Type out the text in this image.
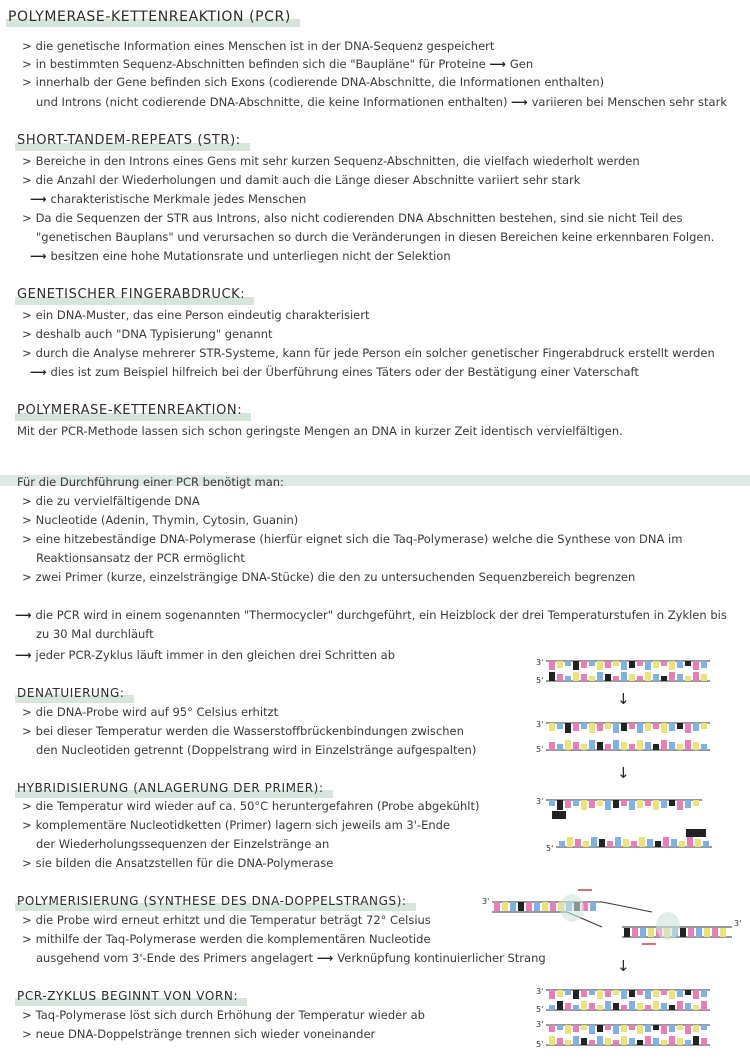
POLYMERASE-KETTENREAKTION (PCR)
> die genetische Information eines Menschen ist in der DNA-Sequenz gespeichert
> in bestimmten Sequenz-Abschnitten befinden sich die "Baupläne" für Proteine ⟶ Gen
> innerhalb der Gene befinden sich Exons (codierende DNA-Abschnitte, die Informationen enthalten)
und Introns (nicht codierende DNA-Abschnitte, die keine Informationen enthalten) ⟶ variieren bei Menschen sehr stark
SHORT-TANDEM-REPEATS (STR):
> Bereiche in den Introns eines Gens mit sehr kurzen Sequenz-Abschnitten, die vielfach wiederholt werden
> die Anzahl der Wiederholungen und damit auch die Länge dieser Abschnitte variiert sehr stark
⟶ charakteristische Merkmale jedes Menschen
> Da die Sequenzen der STR aus Introns, also nicht codierenden DNA Abschnitten bestehen, sind sie nicht Teil des
"genetischen Bauplans" und verursachen so durch die Veränderungen in diesen Bereichen keine erkennbaren Folgen.
⟶ besitzen eine hohe Mutationsrate und unterliegen nicht der Selektion
GENETISCHER FINGERABDRUCK:
> ein DNA-Muster, das eine Person eindeutig charakterisiert
> deshalb auch "DNA Typisierung" genannt
> durch die Analyse mehrerer STR-Systeme, kann für jede Person ein solcher genetischer Fingerabdruck erstellt werden
⟶ dies ist zum Beispiel hilfreich bei der Überführung eines Täters oder der Bestätigung einer Vaterschaft
POLYMERASE-KETTENREAKTION:
Mit der PCR-Methode lassen sich schon geringste Mengen an DNA in kurzer Zeit identisch vervielfältigen.
Für die Durchführung einer PCR benötigt man:
> die zu vervielfältigende DNA
> Nucleotide (Adenin, Thymin, Cytosin, Guanin)
> eine hitzebeständige DNA-Polymerase (hierfür eignet sich die Taq-Polymerase) welche die Synthese von DNA im
Reaktionsansatz der PCR ermöglicht
> zwei Primer (kurze, einzelsträngige DNA-Stücke) die den zu untersuchenden Sequenzbereich begrenzen
⟶ die PCR wird in einem sogenannten "Thermocycler" durchgeführt, ein Heizblock der drei Temperaturstufen in Zyklen bis
zu 30 Mal durchläuft
⟶ jeder PCR-Zyklus läuft immer in den gleichen drei Schritten ab
DENATUIERUNG:
> die DNA-Probe wird auf 95° Celsius erhitzt
> bei dieser Temperatur werden die Wasserstoffbrückenbindungen zwischen
den Nucleotiden getrennt (Doppelstrang wird in Einzelstränge aufgespalten)
HYBRIDISIERUNG (ANLAGERUNG DER PRIMER):
> die Temperatur wird wieder auf ca. 50°C heruntergefahren (Probe abgekühlt)
> komplementäre Nucleotidketten (Primer) lagern sich jeweils am 3'-Ende
der Wiederholungssequenzen der Einzelstränge an
> sie bilden die Ansatzstellen für die DNA-Polymerase
POLYMERISIERUNG (SYNTHESE DES DNA-DOPPELSTRANGS):
> die Probe wird erneut erhitzt und die Temperatur beträgt 72° Celsius
> mithilfe der Taq-Polymerase werden die komplementären Nucleotide
ausgehend vom 3'-Ende des Primers angelagert ⟶ Verknüpfung kontinuierlicher Strang
PCR-ZYKLUS BEGINNT VON VORN:
> Taq-Polymerase löst sich durch Erhöhung der Temperatur wieder ab
> neue DNA-Doppelstränge trennen sich wieder voneinander
3'
5'
↓
3'
5'
↓
3'
5'
3'
3'
↓
3'
5'
3'
5'
